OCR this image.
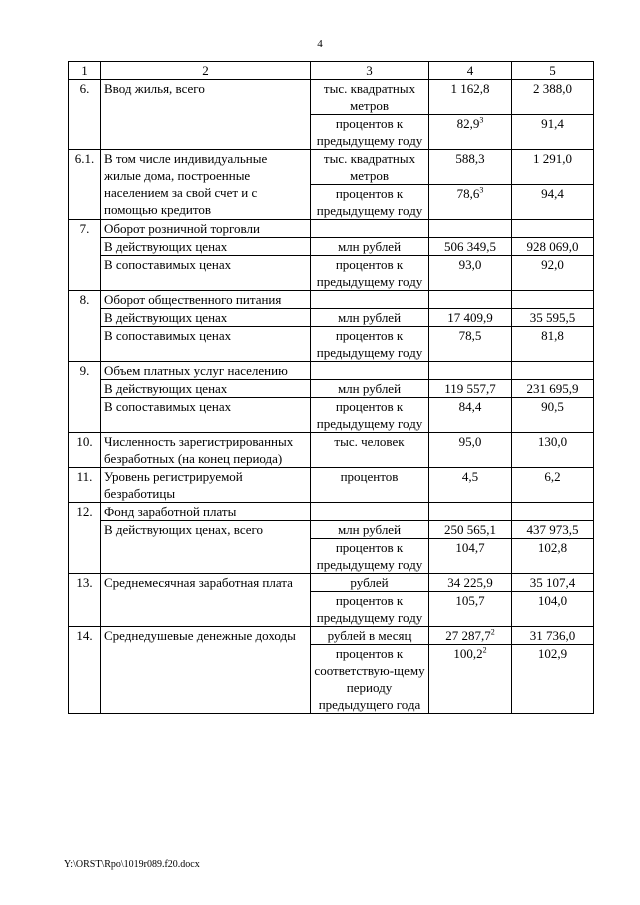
4
1	2	3	4	5
6.	Ввод жилья, всего	тыс. квадратных метров	1 162,8	2 388,0
		процентов к предыдущему году	82,9$^3$	91,4
6.1.	В том числе индивидуальные жилые дома, построенные населением за свой счет и с помощью кредитов	тыс. квадратных метров	588,3	1 291,0
		процентов к предыдущему году	78,6$^3$	94,4
7.	Оборот розничной торговли			
	В действующих ценах	млн рублей	506 349,5	928 069,0
	В сопоставимых ценах	процентов к предыдущему году	93,0	92,0
8.	Оборот общественного питания			
	В действующих ценах	млн рублей	17 409,9	35 595,5
	В сопоставимых ценах	процентов к предыдущему году	78,5	81,8
9.	Объем платных услуг населению			
	В действующих ценах	млн рублей	119 557,7	231 695,9
	В сопоставимых ценах	процентов к предыдущему году	84,4	90,5
10.	Численность зарегистрированных безработных (на конец периода)	тыс. человек	95,0	130,0
11.	Уровень регистрируемой безработицы	процентов	4,5	6,2
12.	Фонд заработной платы			
	В действующих ценах, всего	млн рублей	250 565,1	437 973,5
		процентов к предыдущему году	104,7	102,8
13.	Среднемесячная заработная плата	рублей	34 225,9	35 107,4
		процентов к предыдущему году	105,7	104,0
14.	Среднедушевые денежные доходы	рублей в месяц	27 287,7$^2$	31 736,0
		процентов к соответствую-щему периоду предыдущего года	100,2$^2$	102,9
Y:\ORST\Rpo\1019r089.f20.docx
